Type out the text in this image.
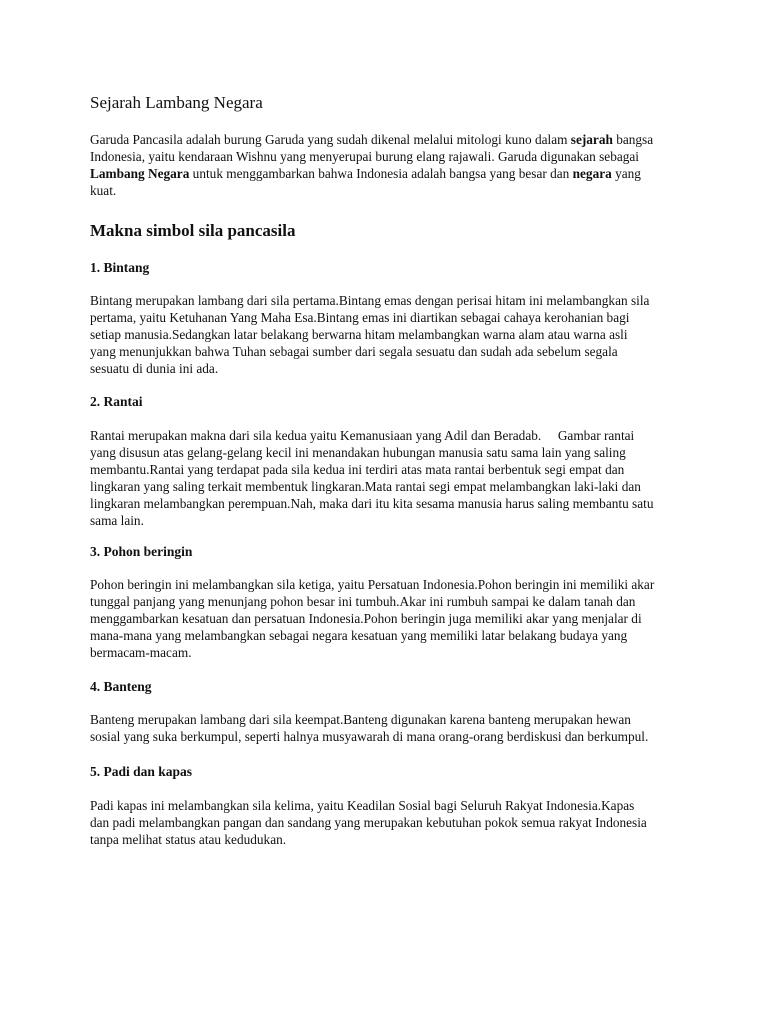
Sejarah Lambang Negara

Garuda Pancasila adalah burung Garuda yang sudah dikenal melalui mitologi kuno dalam sejarah bangsa
Indonesia, yaitu kendaraan Wishnu yang menyerupai burung elang rajawali. Garuda digunakan sebagai
Lambang Negara untuk menggambarkan bahwa Indonesia adalah bangsa yang besar dan negara yang
kuat.

Makna simbol sila pancasila
1. Bintang

Bintang merupakan lambang dari sila pertama.Bintang emas dengan perisai hitam ini melambangkan sila
pertama, yaitu Ketuhanan Yang Maha Esa.Bintang emas ini diartikan sebagai cahaya kerohanian bagi
setiap manusia.Sedangkan latar belakang berwarna hitam melambangkan warna alam atau warna asli
yang menunjukkan bahwa Tuhan sebagai sumber dari segala sesuatu dan sudah ada sebelum segala
sesuatu di dunia ini ada.

2. Rantai

Rantai merupakan makna dari sila kedua yaitu Kemanusiaan yang Adil dan Beradab.     Gambar rantai
yang disusun atas gelang-gelang kecil ini menandakan hubungan manusia satu sama lain yang saling
membantu.Rantai yang terdapat pada sila kedua ini terdiri atas mata rantai berbentuk segi empat dan
lingkaran yang saling terkait membentuk lingkaran.Mata rantai segi empat melambangkan laki-laki dan
lingkaran melambangkan perempuan.Nah, maka dari itu kita sesama manusia harus saling membantu satu
sama lain.

3. Pohon beringin

Pohon beringin ini melambangkan sila ketiga, yaitu Persatuan Indonesia.Pohon beringin ini memiliki akar
tunggal panjang yang menunjang pohon besar ini tumbuh.Akar ini rumbuh sampai ke dalam tanah dan
menggambarkan kesatuan dan persatuan Indonesia.Pohon beringin juga memiliki akar yang menjalar di
mana-mana yang melambangkan sebagai negara kesatuan yang memiliki latar belakang budaya yang
bermacam-macam.

4. Banteng

Banteng merupakan lambang dari sila keempat.Banteng digunakan karena banteng merupakan hewan
sosial yang suka berkumpul, seperti halnya musyawarah di mana orang-orang berdiskusi dan berkumpul.

5. Padi dan kapas

Padi kapas ini melambangkan sila kelima, yaitu Keadilan Sosial bagi Seluruh Rakyat Indonesia.Kapas
dan padi melambangkan pangan dan sandang yang merupakan kebutuhan pokok semua rakyat Indonesia
tanpa melihat status atau kedudukan.
